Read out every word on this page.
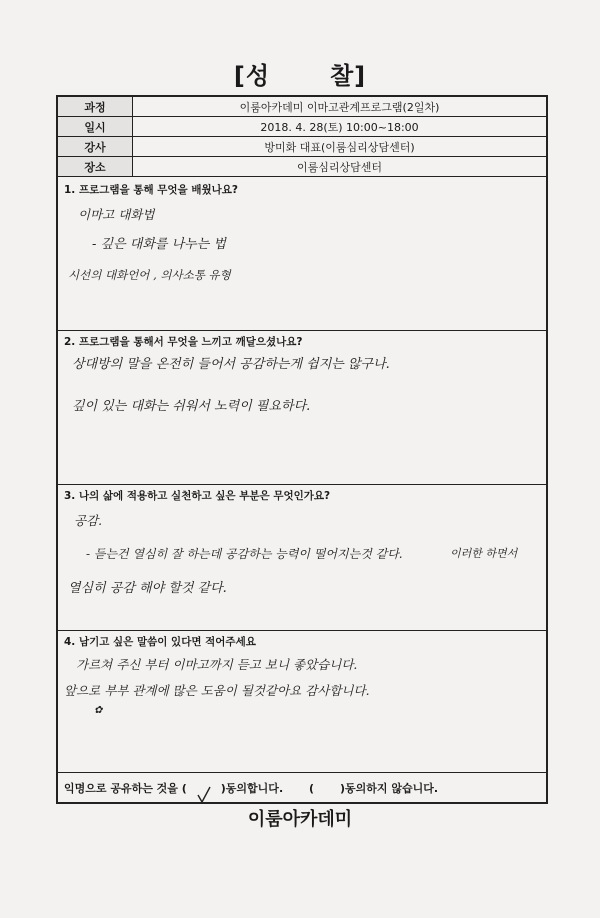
[성	찰]
과정	이룸아카데미 이마고관계프로그램(2일차)
일시	2018. 4. 28(토) 10:00~18:00
강사	방미화 대표(이룸심리상담센터)
장소	이룸심리상담센터
1. 프로그램을 통해 무엇을 배웠나요?
이마고 대화법
- 깊은 대화를 나누는 법
시선의 대화언어 , 의사소통 유형
2. 프로그램을 통해서 무엇을 느끼고 깨달으셨나요?
상대방의 말을 온전히 들어서 공감하는게 쉽지는 않구나.
깊이 있는 대화는 쉬워서 노력이 필요하다.
3. 나의 삶에 적용하고 실천하고 싶은 부분은 무엇인가요?
공감.
- 듣는건 열심히 잘 하는데 공감하는 능력이 떨어지는것 같다.	이러한 하면서
열심히 공감 해야 할것 같다.
4. 남기고 싶은 말씀이 있다면 적어주세요
가르쳐 주신 부터 이마고까지 듣고 보니 좋았습니다.
앞으로 부부 관계에 많은 도움이 될것같아요 감사합니다.
✿
익명으로 공유하는 것을 (	)동의합니다. ( )동의하지 않습니다.
이룸아카데미
